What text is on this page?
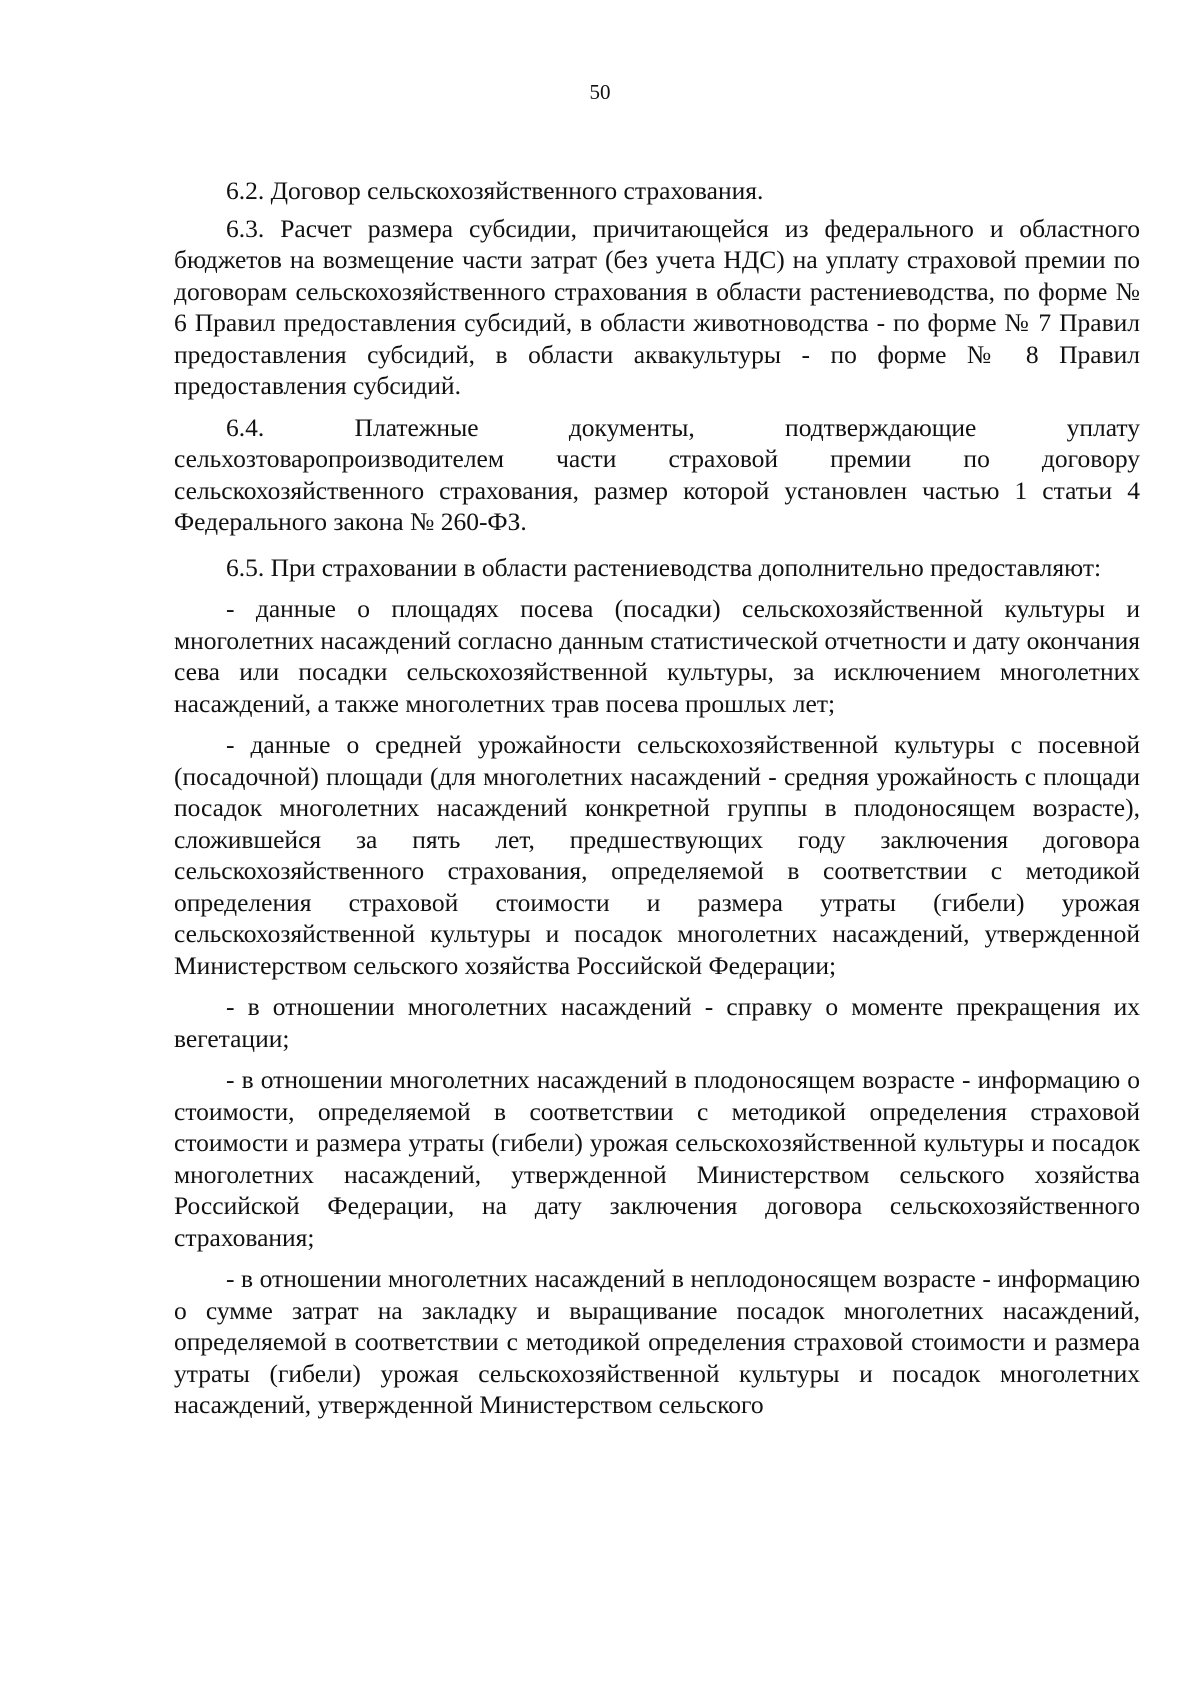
50

6.2. Договор сельскохозяйственного страхования.

6.3. Расчет размера субсидии, причитающейся из федерального и областного бюджетов на возмещение части затрат (без учета НДС) на уплату страховой премии по договорам сельскохозяйственного страхования в области растениеводства, по форме № 6 Правил предоставления субсидий, в области животноводства - по форме № 7 Правил предоставления субсидий, в области аквакультуры - по форме № 8 Правил предоставления субсидий.

6.4. Платежные документы, подтверждающие уплату сельхозтоваропроизводителем части страховой премии по договору сельскохозяйственного страхования, размер которой установлен частью 1 статьи 4 Федерального закона № 260-ФЗ.

6.5. При страховании в области растениеводства дополнительно предоставляют:

- данные о площадях посева (посадки) сельскохозяйственной культуры и многолетних насаждений согласно данным статистической отчетности и дату окончания сева или посадки сельскохозяйственной культуры, за исключением многолетних насаждений, а также многолетних трав посева прошлых лет;

- данные о средней урожайности сельскохозяйственной культуры с посевной (посадочной) площади (для многолетних насаждений - средняя урожайность с площади посадок многолетних насаждений конкретной группы в плодоносящем возрасте), сложившейся за пять лет, предшествующих году заключения договора сельскохозяйственного страхования, определяемой в соответствии с методикой определения страховой стоимости и размера утраты (гибели) урожая сельскохозяйственной культуры и посадок многолетних насаждений, утвержденной Министерством сельского хозяйства Российской Федерации;

- в отношении многолетних насаждений - справку о моменте прекращения их вегетации;

- в отношении многолетних насаждений в плодоносящем возрасте - информацию о стоимости, определяемой в соответствии с методикой определения страховой стоимости и размера утраты (гибели) урожая сельскохозяйственной культуры и посадок многолетних насаждений, утвержденной Министерством сельского хозяйства Российской Федерации, на дату заключения договора сельскохозяйственного страхования;

- в отношении многолетних насаждений в неплодоносящем возрасте - информацию о сумме затрат на закладку и выращивание посадок многолетних насаждений, определяемой в соответствии с методикой определения страховой стоимости и размера утраты (гибели) урожая сельскохозяйственной культуры и посадок многолетних насаждений, утвержденной Министерством сельского
